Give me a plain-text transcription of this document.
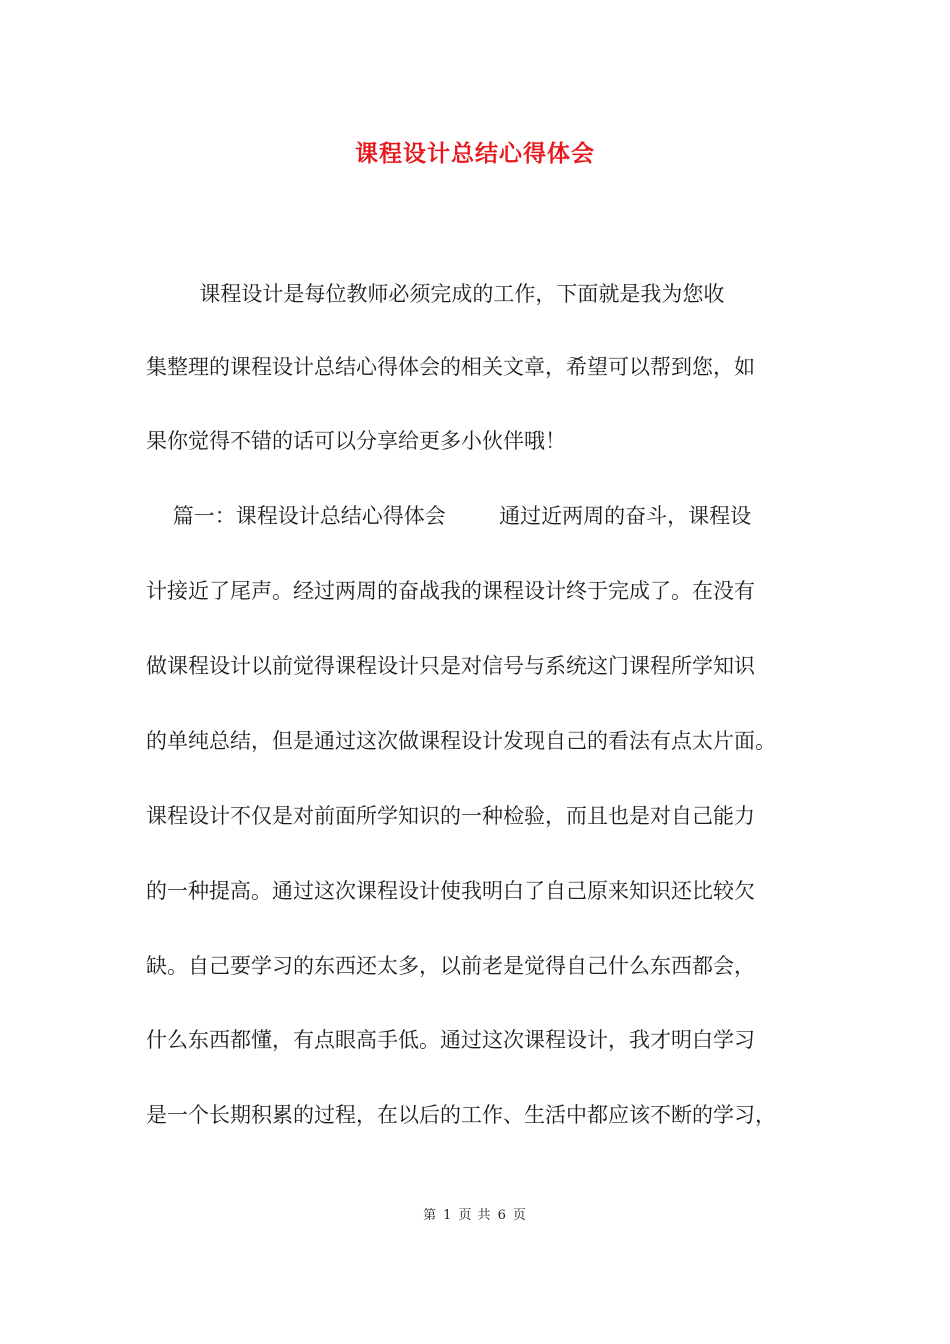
课程设计总结心得体会
课程设计是每位教师必须完成的工作，下面就是我为您收
集整理的课程设计总结心得体会的相关文章，希望可以帮到您，如
果你觉得不错的话可以分享给更多小伙伴哦！
篇一：课程设计总结心得体会        通过近两周的奋斗，课程设
计接近了尾声。经过两周的奋战我的课程设计终于完成了。在没有
做课程设计以前觉得课程设计只是对信号与系统这门课程所学知识
的单纯总结，但是通过这次做课程设计发现自己的看法有点太片面。
课程设计不仅是对前面所学知识的一种检验，而且也是对自己能力
的一种提高。通过这次课程设计使我明白了自己原来知识还比较欠
缺。自己要学习的东西还太多，以前老是觉得自己什么东西都会，
什么东西都懂，有点眼高手低。通过这次课程设计，我才明白学习
是一个长期积累的过程，在以后的工作、生活中都应该不断的学习，
第 1 页 共 6 页
